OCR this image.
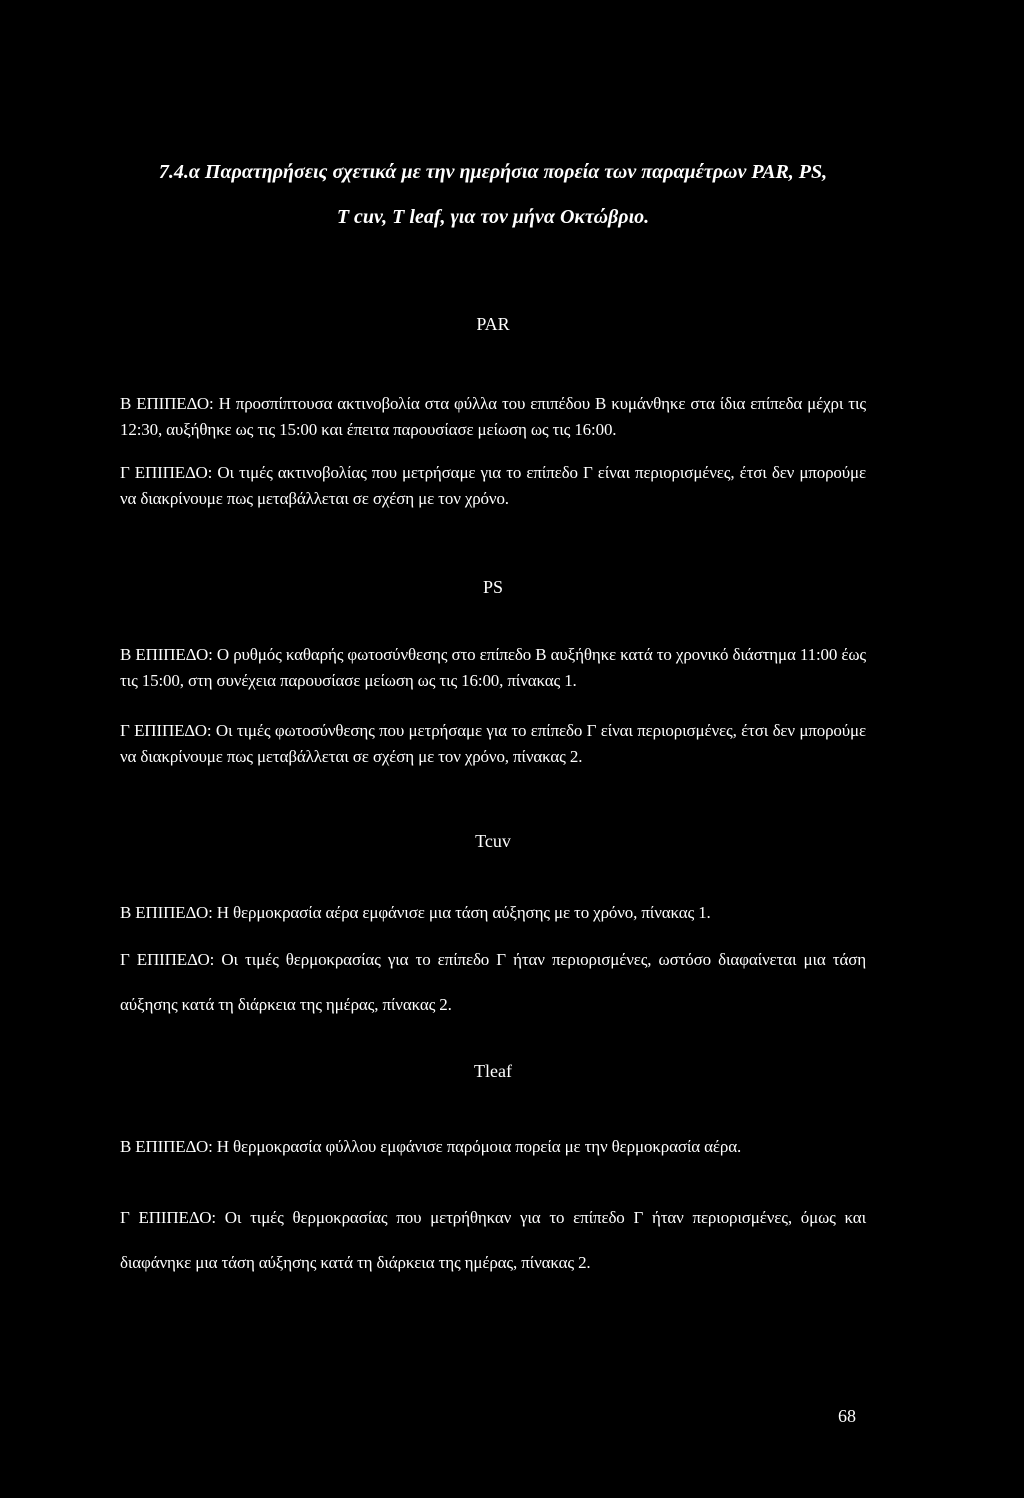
7.4.α Παρατηρήσεις σχετικά με την ημερήσια πορεία των παραμέτρων PAR, PS,

T cuv, T leaf, για τον μήνα Οκτώβριο.

PAR

Β ΕΠΙΠΕΔΟ: Η προσπίπτουσα ακτινοβολία στα φύλλα του επιπέδου Β κυμάνθηκε στα ίδια επίπεδα μέχρι τις 12:30, αυξήθηκε ως τις 15:00 και έπειτα παρουσίασε μείωση ως τις 16:00.

Γ ΕΠΙΠΕΔΟ: Οι τιμές ακτινοβολίας που μετρήσαμε για το επίπεδο Γ είναι περιορισμένες, έτσι δεν μπορούμε να διακρίνουμε πως μεταβάλλεται σε σχέση με τον χρόνο.

PS

Β ΕΠΙΠΕΔΟ: Ο ρυθμός καθαρής φωτοσύνθεσης στο επίπεδο Β αυξήθηκε κατά το χρονικό διάστημα 11:00 έως τις 15:00, στη συνέχεια παρουσίασε μείωση ως τις 16:00, πίνακας 1.

Γ ΕΠΙΠΕΔΟ: Οι τιμές φωτοσύνθεσης που μετρήσαμε για το επίπεδο Γ είναι περιορισμένες, έτσι δεν μπορούμε να διακρίνουμε πως μεταβάλλεται σε σχέση με τον χρόνο, πίνακας 2.

Tcuv

Β ΕΠΙΠΕΔΟ: Η θερμοκρασία αέρα εμφάνισε μια τάση αύξησης με το χρόνο, πίνακας 1.

Γ ΕΠΙΠΕΔΟ: Οι τιμές θερμοκρασίας για το επίπεδο Γ ήταν περιορισμένες, ωστόσο διαφαίνεται μια τάση αύξησης κατά τη διάρκεια της ημέρας, πίνακας 2.

Tleaf

Β ΕΠΙΠΕΔΟ: Η θερμοκρασία φύλλου εμφάνισε παρόμοια πορεία με την θερμοκρασία αέρα.

Γ ΕΠΙΠΕΔΟ: Οι τιμές θερμοκρασίας που μετρήθηκαν για το επίπεδο Γ ήταν περιορισμένες, όμως και διαφάνηκε μια τάση αύξησης κατά τη διάρκεια της ημέρας, πίνακας 2.

68
